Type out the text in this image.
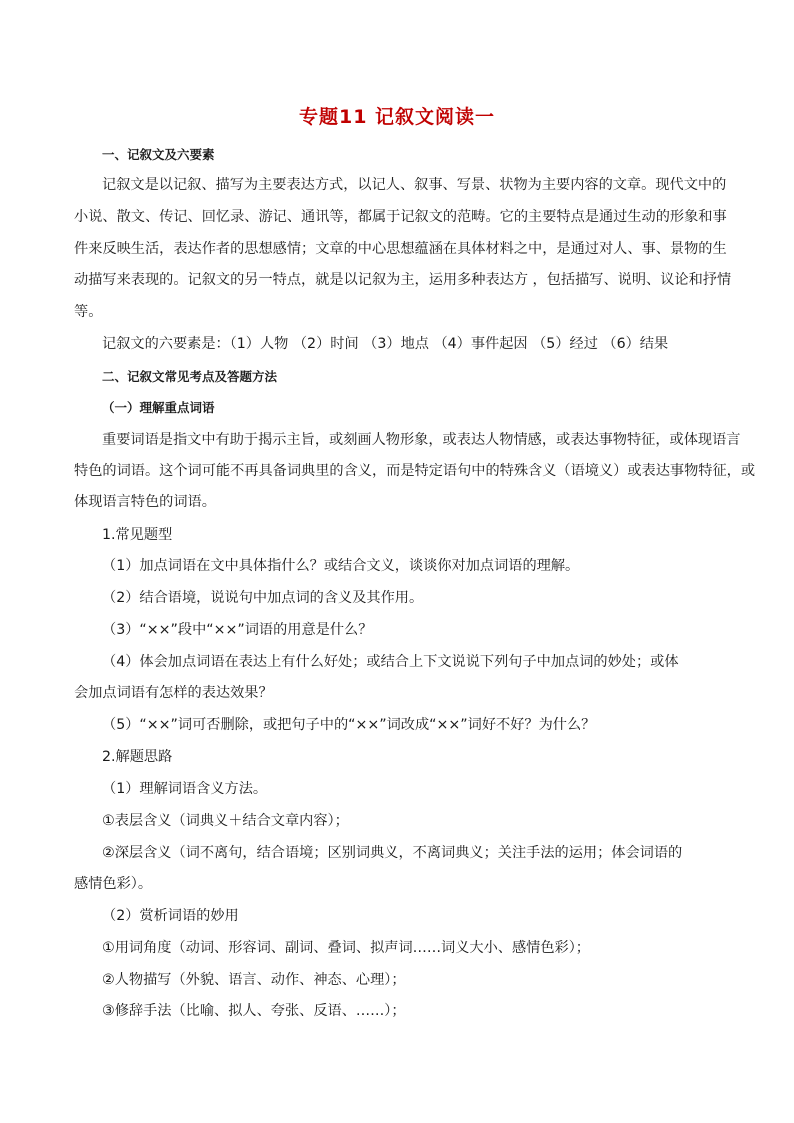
专题11 记叙文阅读一
一、记叙文及六要素
记叙文是以记叙、描写为主要表达方式，以记人、叙事、写景、状物为主要内容的文章。现代文中的
小说、散文、传记、回忆录、游记、通讯等，都属于记叙文的范畴。它的主要特点是通过生动的形象和事
件来反映生活，表达作者的思想感情；文章的中心思想蕴涵在具体材料之中，是通过对人、事、景物的生
动描写来表现的。记叙文的另一特点，就是以记叙为主，运用多种表达方 ，包括描写、说明、议论和抒情
等。
记叙文的六要素是：（1）人物 （2）时间 （3）地点 （4）事件起因 （5）经过 （6）结果
二、记叙文常见考点及答题方法
（一）理解重点词语
重要词语是指文中有助于揭示主旨，或刻画人物形象，或表达人物情感，或表达事物特征，或体现语言
特色的词语。这个词可能不再具备词典里的含义，而是特定语句中的特殊含义（语境义）或表达事物特征，或
体现语言特色的词语。
1.常见题型
（1）加点词语在文中具体指什么？或结合文义，谈谈你对加点词语的理解。
（2）结合语境，说说句中加点词的含义及其作用。
（3）“××”段中“××”词语的用意是什么？
（4）体会加点词语在表达上有什么好处；或结合上下文说说下列句子中加点词的妙处；或体
会加点词语有怎样的表达效果？
（5）“××”词可否删除，或把句子中的“××”词改成“××”词好不好？为什么？
2.解题思路
（1）理解词语含义方法。
①表层含义（词典义＋结合文章内容）；
②深层含义（词不离句，结合语境；区别词典义，不离词典义；关注手法的运用；体会词语的
感情色彩）。
（2）赏析词语的妙用
①用词角度（动词、形容词、副词、叠词、拟声词……词义大小、感情色彩）；
②人物描写（外貌、语言、动作、神态、心理）；
③修辞手法（比喻、拟人、夸张、反语、……）；
